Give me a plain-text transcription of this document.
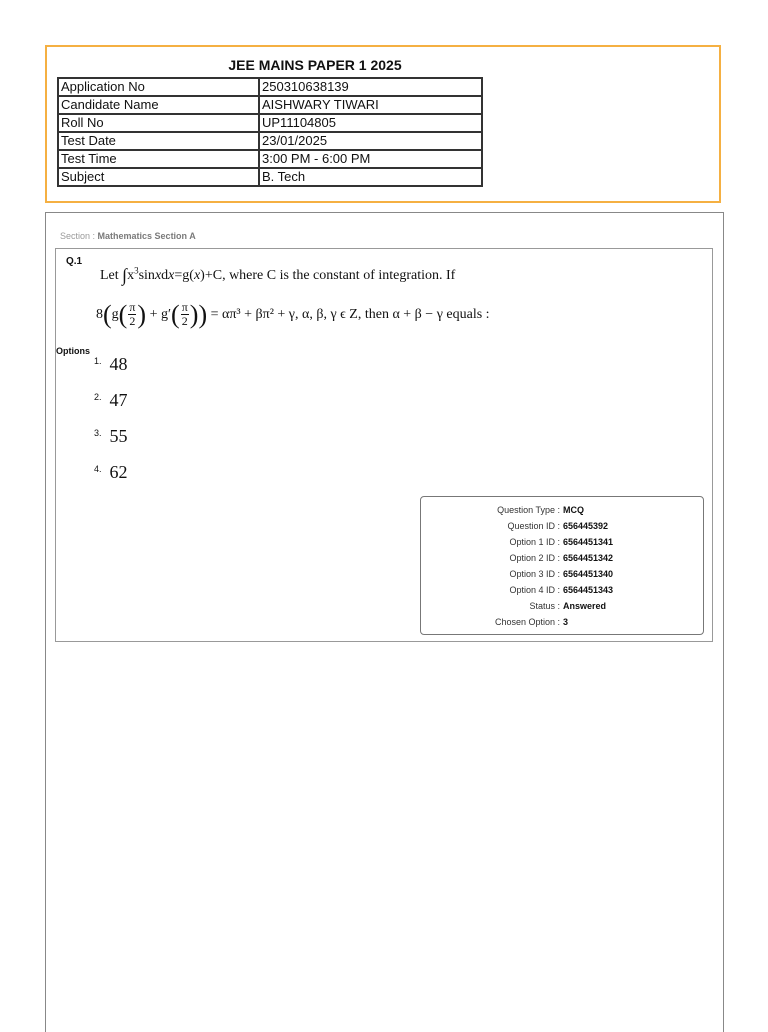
JEE MAINS PAPER 1 2025
Application No	250310638139
Candidate Name	AISHWARY TIWARI
Roll No	UP11104805
Test Date	23/01/2025
Test Time	3:00 PM - 6:00 PM
Subject	B. Tech
Section : Mathematics Section A
Q.1
Let $\int x^3sinxdx=g(x)+C$, where C is the constant of integration. If
$8(g( \frac{\pi}{2}$ ) + $g'( \frac{\pi}{2}$ )) = απ³ + βπ² + γ, α, β, γ ϵ Z, then α + β − γ equals :
Options
$^{1.}$ 48
$^{2.}$ 47
$^{3.}$ 55
$^{4.}$ 62
Question Type : MCQ
Question ID : 656445392
Option 1 ID : 6564451341
Option 2 ID : 6564451342
Option 3 ID : 6564451340
Option 4 ID : 6564451343
Status : Answered
Chosen Option : 3
